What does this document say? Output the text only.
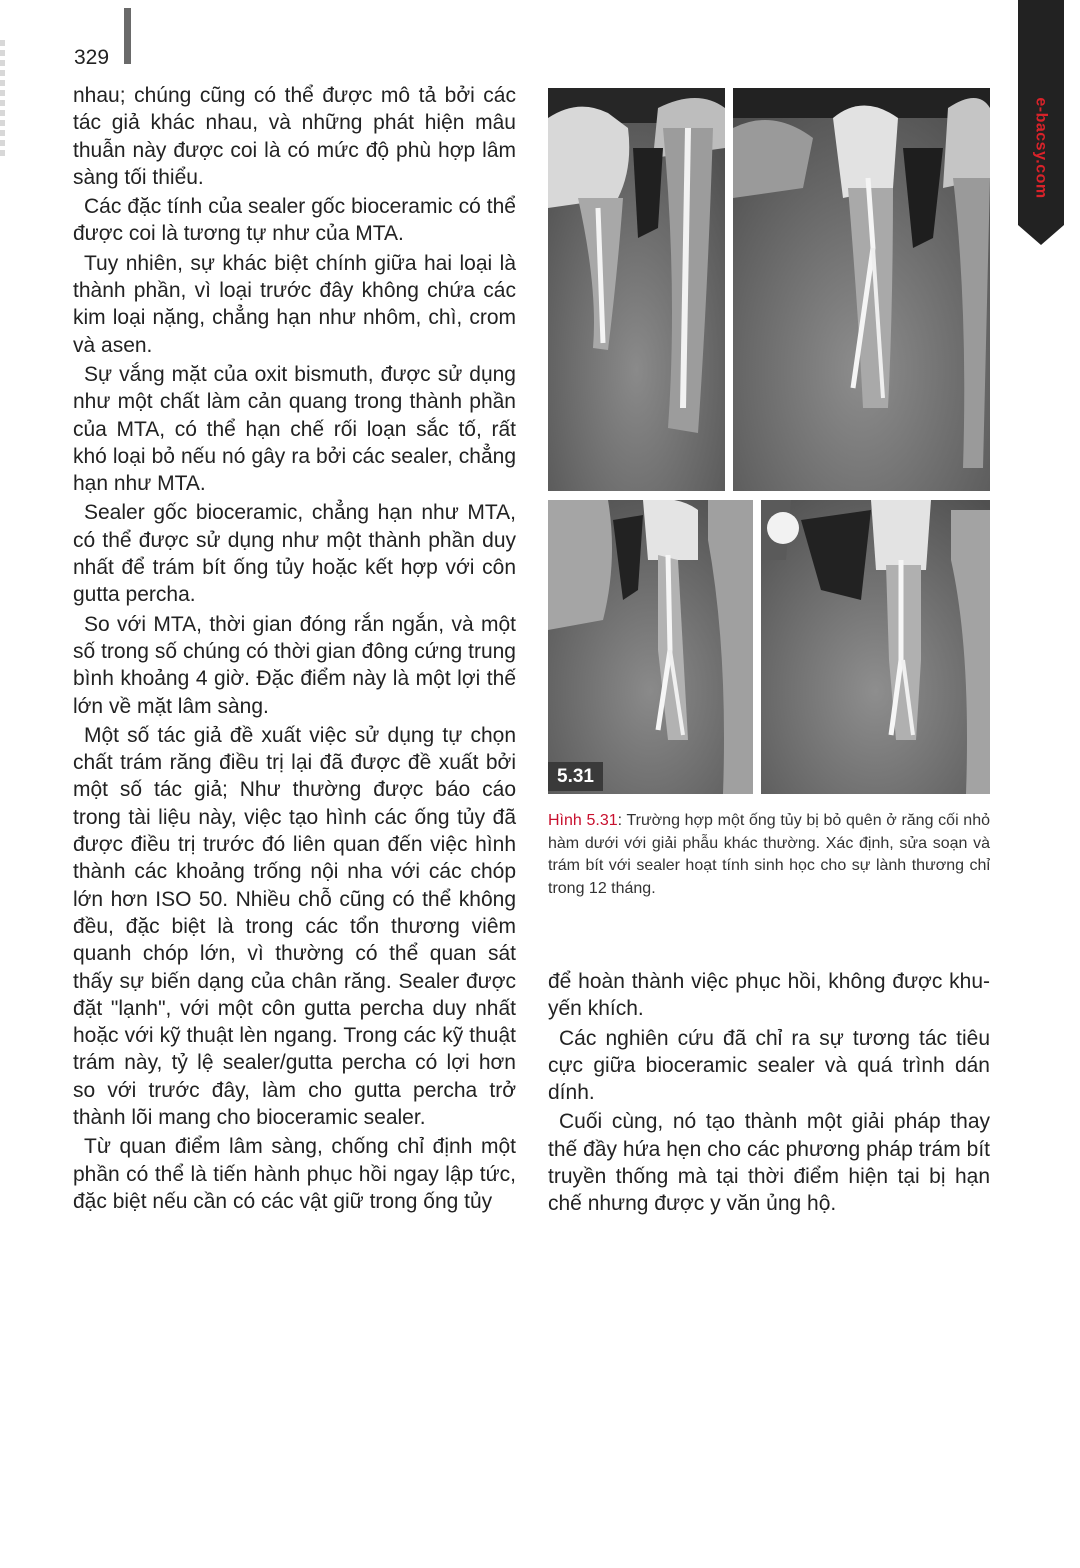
329
e-bacsy.com

nhau; chúng cũng có thể được mô tả bởi các tác giả khác nhau, và những phát hiện mâu thuẫn này được coi là có mức độ phù hợp lâm sàng tối thiểu.

Các đặc tính của sealer gốc bioceramic có thể được coi là tương tự như của MTA.

Tuy nhiên, sự khác biệt chính giữa hai loại là thành phần, vì loại trước đây không chứa các kim loại nặng, chẳng hạn như nhôm, chì, crom và asen.

Sự vắng mặt của oxit bismuth, được sử dụng như một chất làm cản quang trong thành phần của MTA, có thể hạn chế rối loạn sắc tố, rất khó loại bỏ nếu nó gây ra bởi các sealer, chẳng hạn như MTA.

Sealer gốc bioceramic, chẳng hạn như MTA, có thể được sử dụng như một thành phần duy nhất để trám bít ống tủy hoặc kết hợp với côn gutta percha.

So với MTA, thời gian đóng rắn ngắn, và một số trong số chúng có thời gian đông cứng trung bình khoảng 4 giờ. Đặc điểm này là một lợi thế lớn về mặt lâm sàng.

Một số tác giả đề xuất việc sử dụng tự chọn chất trám răng điều trị lại đã được đề xuất bởi một số tác giả; Như thường được báo cáo trong tài liệu này, việc tạo hình các ống tủy đã được điều trị trước đó liên quan đến việc hình thành các khoảng trống nội nha với các chóp lớn hơn ISO 50. Nhiều chỗ cũng có thể không đều, đặc biệt là trong các tổn thương viêm quanh chóp lớn, vì thường có thể quan sát thấy sự biến dạng của chân răng. Sealer được đặt "lạnh", với một côn gutta percha duy nhất hoặc với kỹ thuật lèn ngang. Trong các kỹ thuật trám này, tỷ lệ sealer/gutta percha có lợi hơn so với trước đây, làm cho gutta percha trở thành lõi mang cho bioceramic sealer.

Từ quan điểm lâm sàng, chống chỉ định một phần có thể là tiến hành phục hồi ngay lập tức, đặc biệt nếu cần có các vật giữ trong ống tủy

5.31
Hình 5.31: Trường hợp một ống tủy bị bỏ quên ở răng cối nhỏ hàm dưới với giải phẫu khác thường. Xác định, sửa soạn và trám bít với sealer hoạt tính sinh học cho sự lành thương chỉ trong 12 tháng.

để hoàn thành việc phục hồi, không được khu-yến khích.

Các nghiên cứu đã chỉ ra sự tương tác tiêu cực giữa bioceramic sealer và quá trình dán dính.

Cuối cùng, nó tạo thành một giải pháp thay thế đầy hứa hẹn cho các phương pháp trám bít truyền thống mà tại thời điểm hiện tại bị hạn chế nhưng được y văn ủng hộ.
